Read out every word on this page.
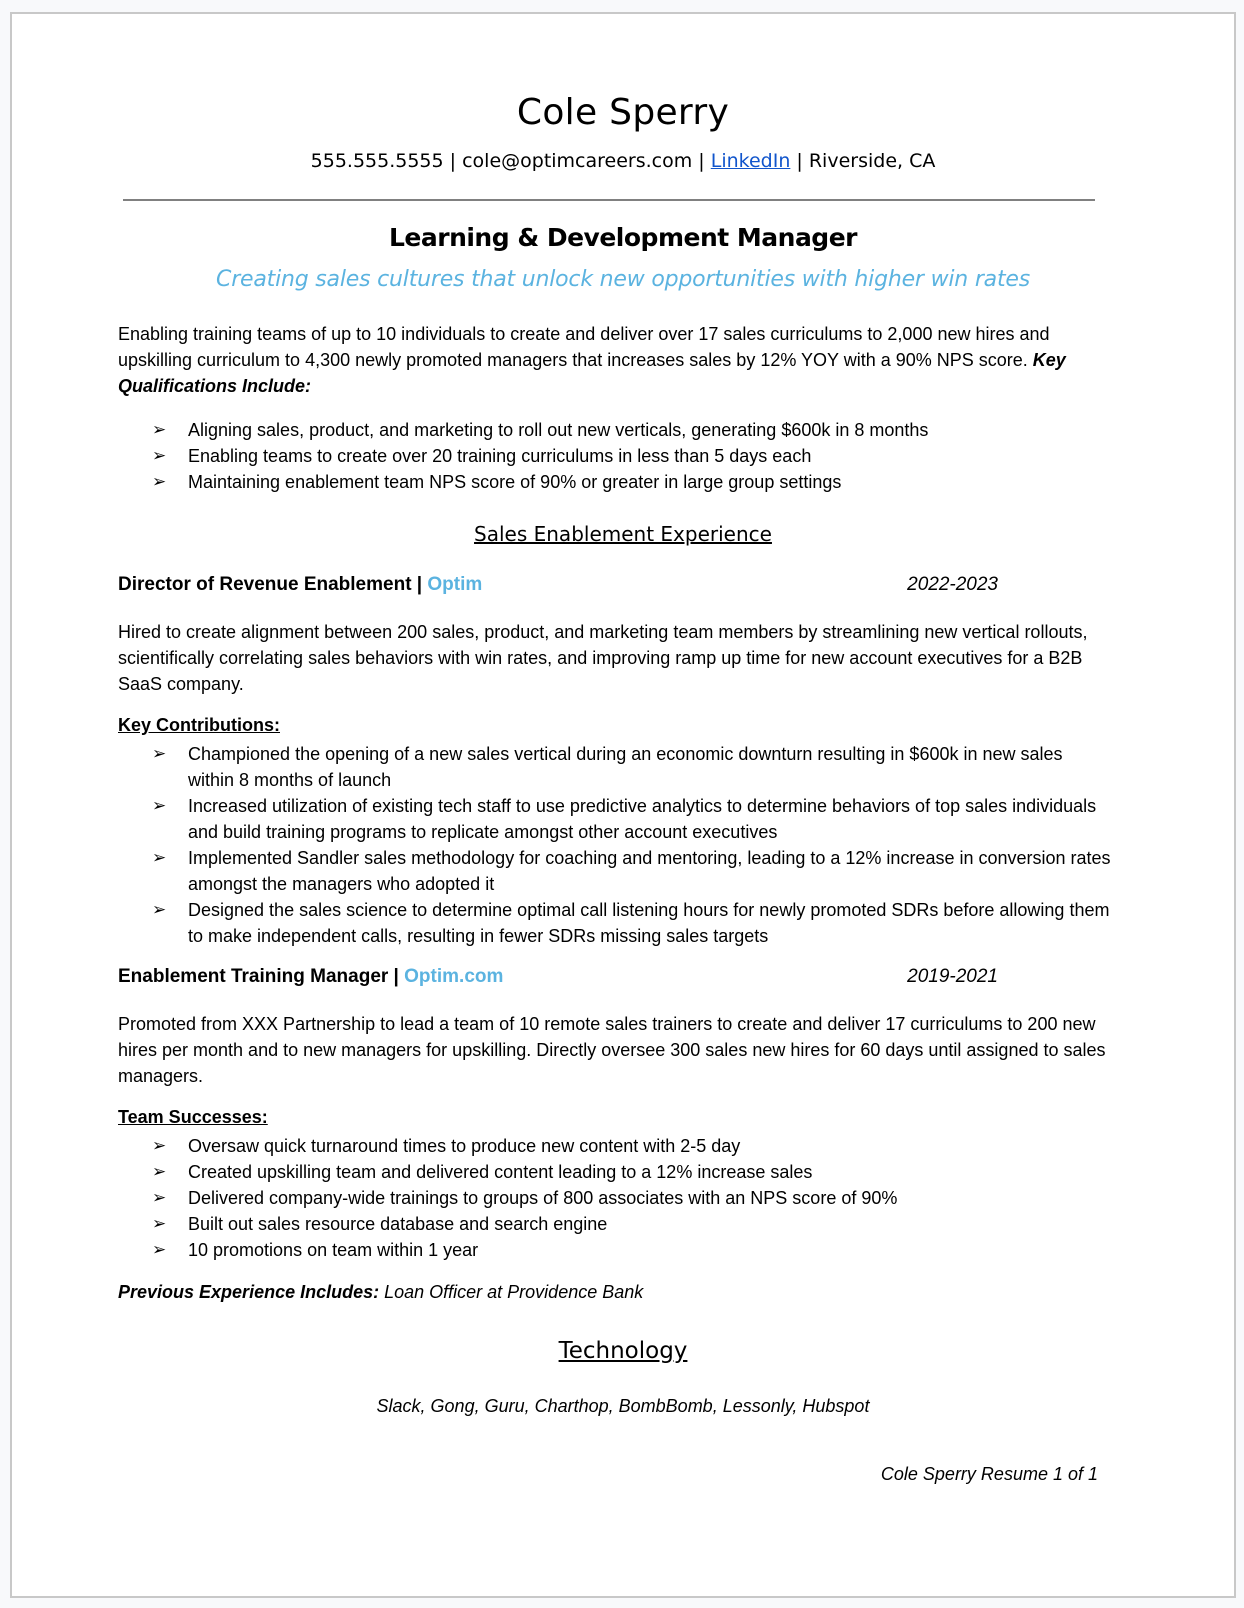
Cole Sperry
555.555.5555 | cole@optimcareers.com | LinkedIn | Riverside, CA
Learning & Development Manager
Creating sales cultures that unlock new opportunities with higher win rates
Enabling training teams of up to 10 individuals to create and deliver over 17 sales curriculums to 2,000 new hires and upskilling curriculum to 4,300 newly promoted managers that increases sales by 12% YOY with a 90% NPS score. Key Qualifications Include:
➢ Aligning sales, product, and marketing to roll out new verticals, generating $600k in 8 months
➢ Enabling teams to create over 20 training curriculums in less than 5 days each
➢ Maintaining enablement team NPS score of 90% or greater in large group settings
Sales Enablement Experience
Director of Revenue Enablement | Optim	2022-2023
Hired to create alignment between 200 sales, product, and marketing team members by streamlining new vertical rollouts, scientifically correlating sales behaviors with win rates, and improving ramp up time for new account executives for a B2B SaaS company.
Key Contributions:
➢ Championed the opening of a new sales vertical during an economic downturn resulting in $600k in new sales within 8 months of launch
➢ Increased utilization of existing tech staff to use predictive analytics to determine behaviors of top sales individuals and build training programs to replicate amongst other account executives
➢ Implemented Sandler sales methodology for coaching and mentoring, leading to a 12% increase in conversion rates amongst the managers who adopted it
➢ Designed the sales science to determine optimal call listening hours for newly promoted SDRs before allowing them to make independent calls, resulting in fewer SDRs missing sales targets
Enablement Training Manager | Optim.com	2019-2021
Promoted from XXX Partnership to lead a team of 10 remote sales trainers to create and deliver 17 curriculums to 200 new hires per month and to new managers for upskilling. Directly oversee 300 sales new hires for 60 days until assigned to sales managers.
Team Successes:
➢ Oversaw quick turnaround times to produce new content with 2-5 day
➢ Created upskilling team and delivered content leading to a 12% increase sales
➢ Delivered company-wide trainings to groups of 800 associates with an NPS score of 90%
➢ Built out sales resource database and search engine
➢ 10 promotions on team within 1 year
Previous Experience Includes: Loan Officer at Providence Bank
Technology
Slack, Gong, Guru, Charthop, BombBomb, Lessonly, Hubspot
Cole Sperry Resume 1 of 1
